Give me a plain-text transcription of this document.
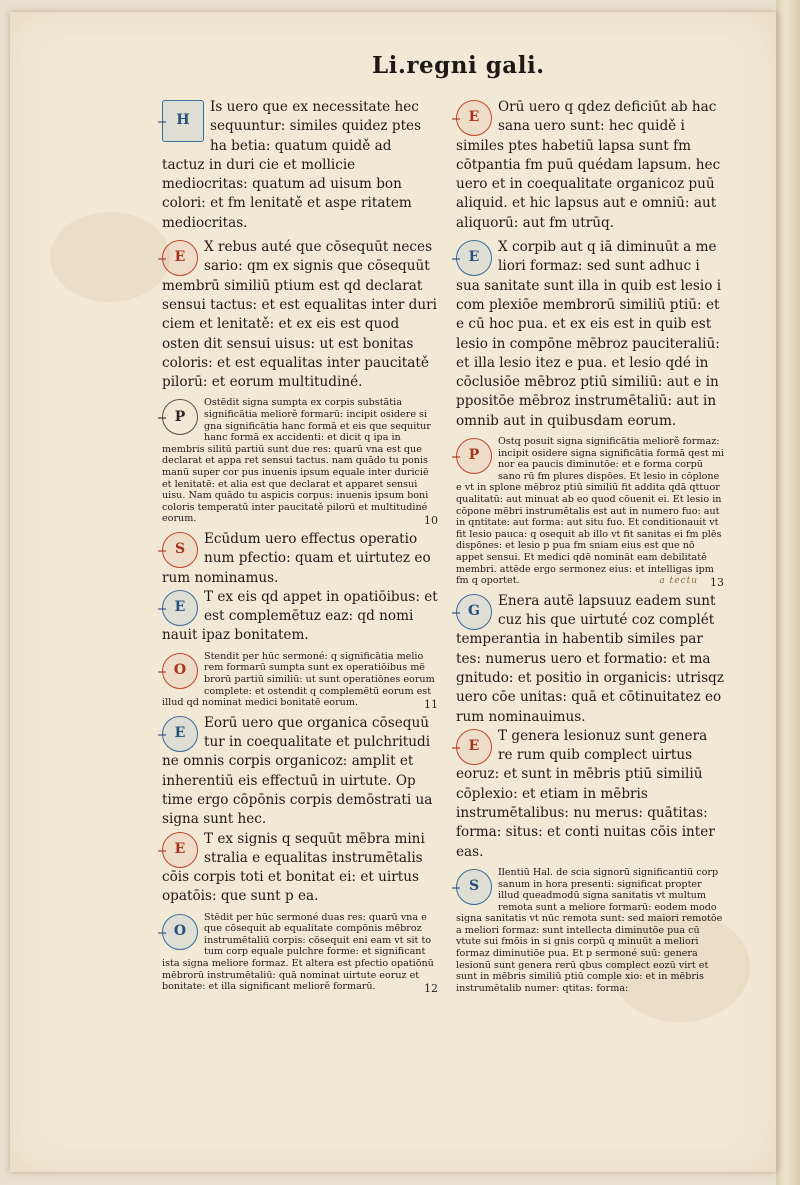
Li.regni gali.

H
Is uero que ex necessitate hec sequuntur: similes quidez ptes ha betia: quatum quidě ad tactuz in duri cie et mollicie mediocritas: quatum ad uisum bon colori: et fm lenitatě et aspe ritatem mediocritas.

E
X rebus auté que cōsequūt neces sario: qm ex signis que cōsequūt membrū similiū ptium est qd declarat sensui tactus: et est equalitas inter duri ciem et lenitatě: et ex eis est quod osten dit sensui uisus: ut est bonitas coloris: et est equalitas inter paucitatě pilorū: et eorum multitudiné.

P
Ostēdit signa sumpta ex corpis substātia significātia meliorě formarū: incipit osidere si gna significātia hanc formā et eis que sequitur hanc formā ex accidenti: et dicit q ipa in membris silitū partiū sunt due res: quarū vna est que declarat et appa ret sensui tactus. nam quādo tu ponis manū super cor pus inuenis ipsum equale inter duriciē et lenitatē: et alia est que declarat et apparet sensui uisu. Nam quādo tu aspicis corpus: inuenis ipsum boni coloris temperatū inter paucitatě pilorū et multitudiné eorum.	10

S
Ecūdum uero effectus operatio num pfectio: quam et uirtutez eo rum nominamus.

E
T ex eis qd appet in opatiōibus: et est complemētuz eaz: qd nomi nauit ipaz bonitatem.

O
Stendit per hūc sermoné: q significātia melio rem formarū sumpta sunt ex operatiōibus mē brorū partiū similiū: ut sunt operatiōnes eorum complete: et ostendit q complemētū eorum est illud qd nominat medici bonitatē eorum.	11

E
Eorū uero que organica cōsequū tur in coequalitate et pulchritudi ne omnis corpis organicoz: amplit et inherentiū eis effectuū in uirtute. Op time ergo cōpōnis corpis demōstrati ua signa sunt hec.

E
T ex signis q sequūt mēbra mini stralia e equalitas instrumētalis cōis corpis toti et bonitat ei: et uirtus opatōis: que sunt p ea.

O
Stēdit per hūc sermoné duas res: quarū vna e que cōsequit ab equalitate compōnis mēbroz instrumētaliū corpis: cōsequit eni eam vt sit to tum corp equale pulchre forme: et significant ista signa meliore formaz. Et altera est pfectio opatiōnū mēbrorū instrumētaliū: quā nominat uirtute eoruz et bonitate: et illa significant meliorě formarū.	12

E
Orū uero q qdez deficiūt ab hac sana uero sunt: hec quidě i similes ptes habetiū lapsa sunt fm cōtpantia fm puū quédam lapsum. hec uero et in coequalitate organicoz puū aliquid. et hic lapsus aut e omniū: aut aliquorū: aut fm utrūq.

E
X corpib aut q iā diminuūt a me liori formaz: sed sunt adhuc i sua sanitate sunt illa in quib est lesio i com plexiōe membrorū similiū ptiū: et e cū hoc pua. et ex eis est in quib est lesio in compōne mēbroz pauciteraliū: et illa lesio itez e pua. et lesio qdé in cōclusiōe mēbroz ptiū similiū: aut e in ppositōe mēbroz instrumētaliū: aut in omnib aut in quibusdam eorum.

P
Ostq posuit signa significātia meliorě formaz: incipit osidere signa significātia formā qest mi nor ea paucis diminutōe: et e forma corpū sano rū fm plures dispōes. Et lesio in cōplone e vt in splone mēbroz ptiū similiū fit addita qdā qttuor qualitatū: aut minuat ab eo quod cōuenit ei. Et lesio in cōpone mēbri instrumētalis est aut in numero fuo: aut in qntitate: aut forma: aut situ fuo. Et conditionauit vt fit lesio pauca: q osequit ab illo vt fit sanitas ei fm plēs dispōnes: et lesio p pua fm sniam eius est que nō appet sensui. Et medici qdē nomināt eam debilitatě membri. attēde ergo sermonez eius: et intelligas ipm fm q oportet.	a tectu 13

G
Enera autē lapsuuz eadem sunt cuz his que uirtuté coz complét temperantia in habentib similes par tes: numerus uero et formatio: et ma gnitudo: et positio in organicis: utrisqz uero cōe unitas: quā et cōtinuitatez eo rum nominauimus.

E
T genera lesionuz sunt genera re rum quib complect uirtus eoruz: et sunt in mēbris ptiū similiū cōplexio: et etiam in mēbris instrumētalibus: nu merus: quātitas: forma: situs: et conti nuitas cōis inter eas.

S
Ilentiū Hal. de scia signorū significantiū corp sanum in hora presenti: significat propter illud queadmodū signa sanitatis vt multum remota sunt a meliore formarū: eodem modo signa sanitatis vt nūc remota sunt: sed maiori remotōe a meliori formaz: sunt intellecta diminutōe pua cū vtute sui fmōis in si gnis corpū q minuūt a meliori formaz diminutiōe pua. Et p sermoné suū: genera lesionū sunt genera rerū qbus complect eozū virt et sunt in mēbris similiū ptiū comple xio: et in mēbris instrumētalib numer: qtitas: forma:
